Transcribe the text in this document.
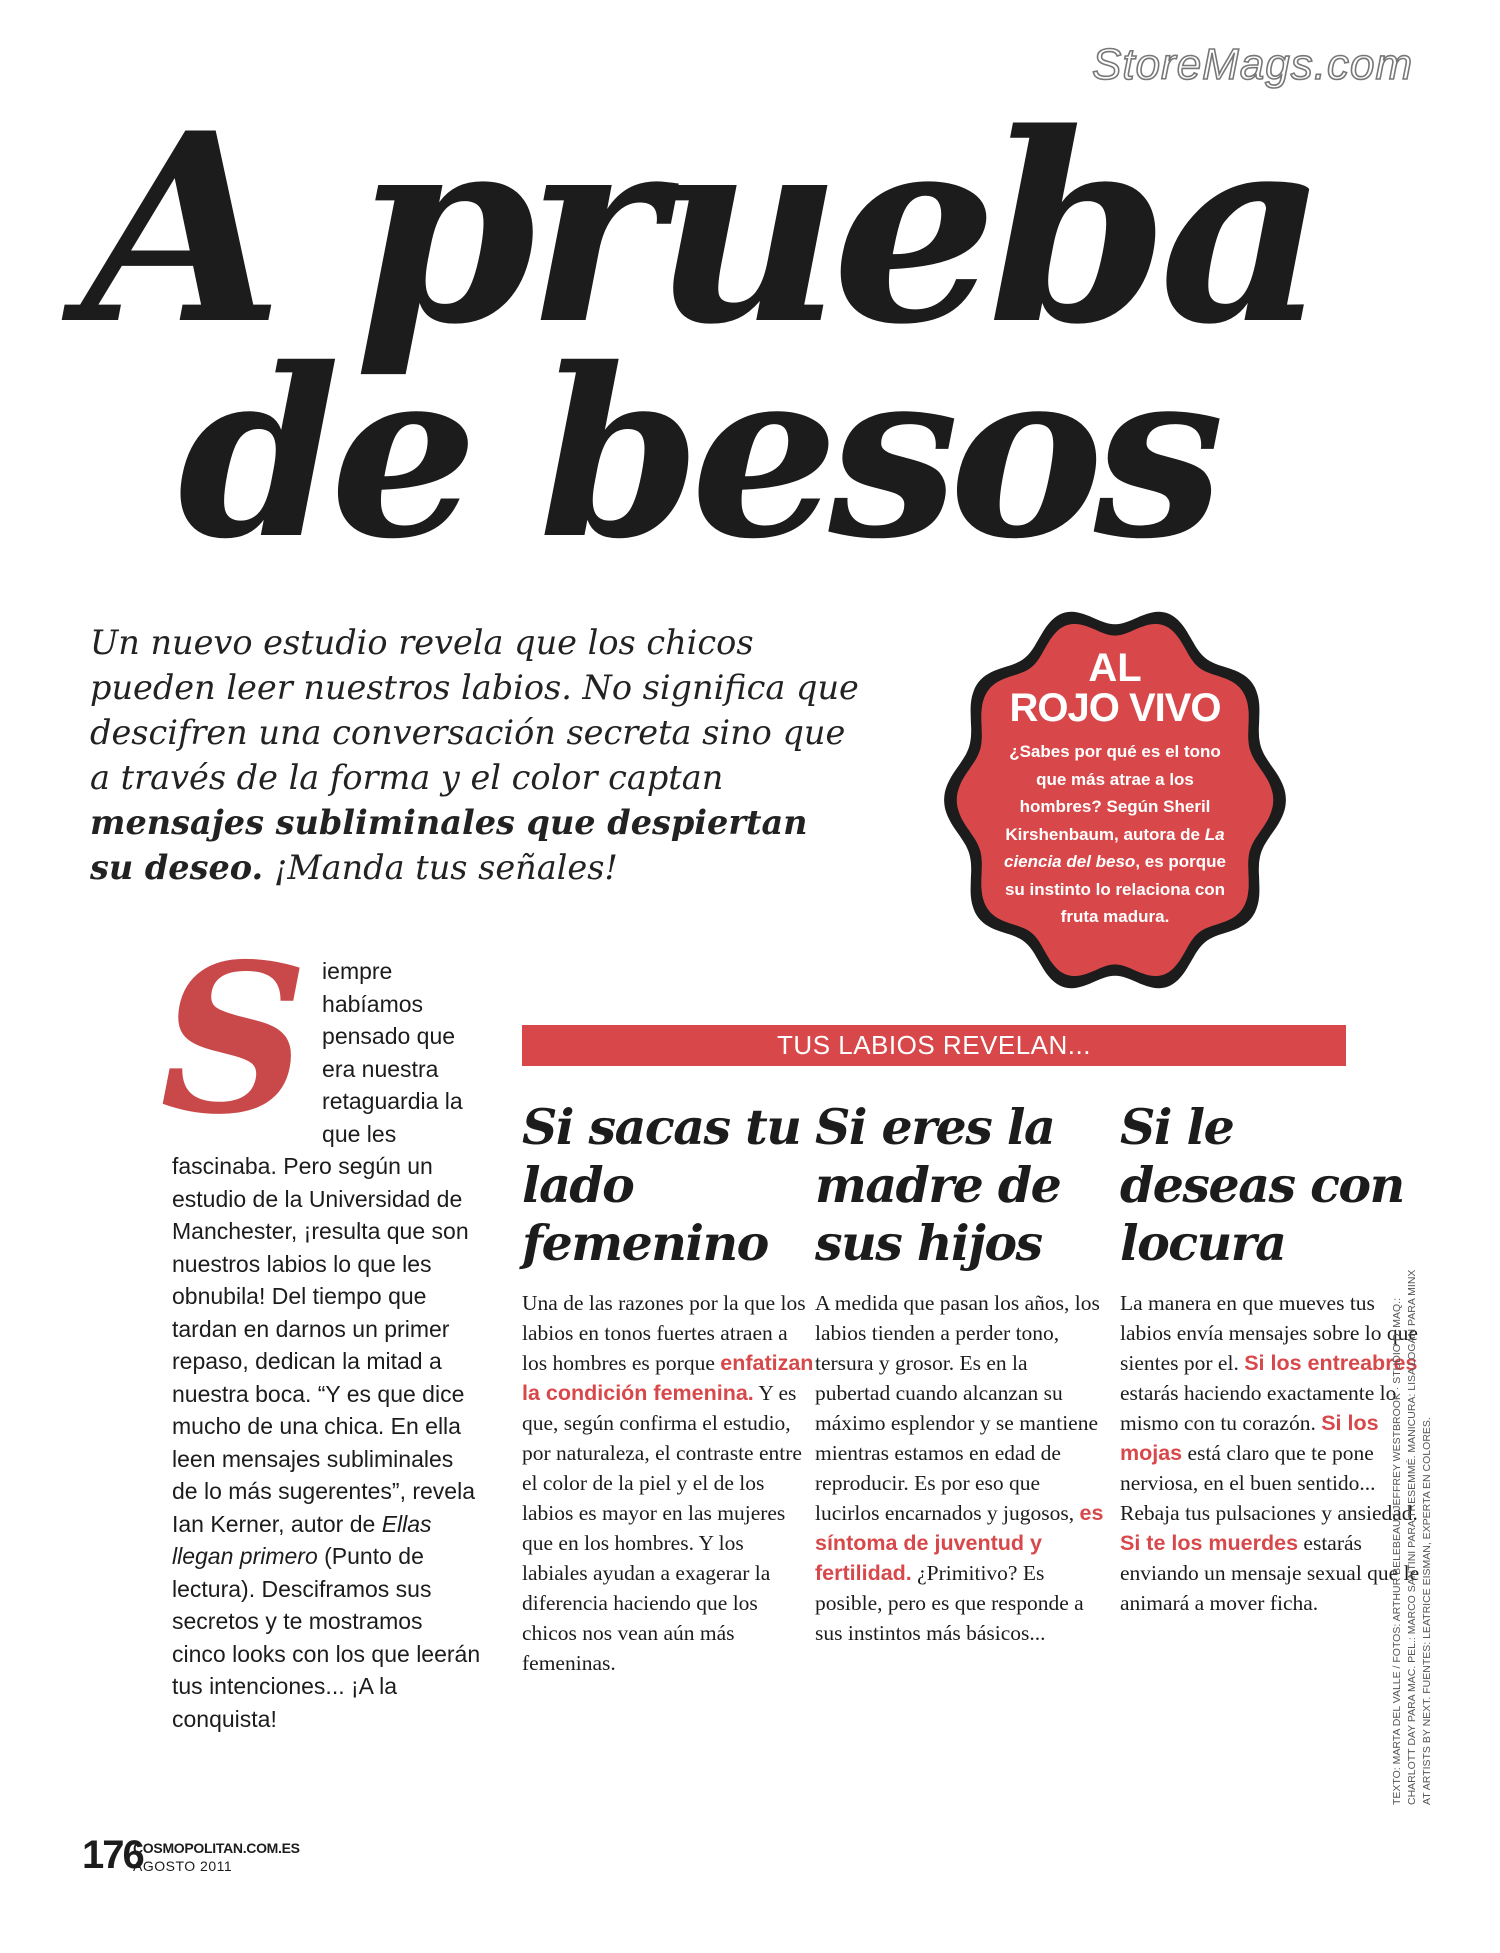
StoreMags.com
A prueba
de besos

Un nuevo estudio revela que los chicos pueden leer nuestros labios. No significa que descifren una conversación secreta sino que a través de la forma y el color captan mensajes subliminales que despiertan su deseo. ¡Manda tus señales!

AL
ROJO VIVO
¿Sabes por qué es el tono que más atrae a los hombres? Según Sheril Kirshenbaum, autora de La ciencia del beso, es porque su instinto lo relaciona con fruta madura.
S iempre habíamos pensado que era nuestra retaguardia la que les fascinaba. Pero según un estudio de la Universidad de Manchester, ¡resulta que son nuestros labios lo que les obnubila! Del tiempo que tardan en darnos un primer repaso, dedican la mitad a nuestra boca. “Y es que dice mucho de una chica. En ella leen mensajes subliminales de lo más sugerentes”, revela Ian Kerner, autor de Ellas llegan primero (Punto de lectura). Desciframos sus secretos y te mostramos cinco looks con los que leerán tus intenciones... ¡A la conquista!

TUS LABIOS REVELAN...
Si sacas tu lado femenino

Una de las razones por la que los labios en tonos fuertes atraen a los hombres es porque enfatizan la condición femenina. Y es que, según confirma el estudio, por naturaleza, el contraste entre el color de la piel y el de los labios es mayor en las mujeres que en los hombres. Y los labiales ayudan a exagerar la diferencia haciendo que los chicos nos vean aún más femeninas.

Si eres la madre de sus hijos

A medida que pasan los años, los labios tienden a perder tono, tersura y grosor. Es en la pubertad cuando alcanzan su máximo esplendor y se mantiene mientras estamos en edad de reproducir. Es por eso que lucirlos encarnados y jugosos, es síntoma de juventud y fertilidad. ¿Primitivo? Es posible, pero es que responde a sus instintos más básicos...

Si le deseas con locura

La manera en que mueves tus labios envía mensajes sobre lo que sientes por el. Si los entreabres estarás haciendo exactamente lo mismo con tu corazón. Si los mojas está claro que te pone nerviosa, en el buen sentido... Rebaja tus pulsaciones y ansiedad. Si te los muerdes estarás enviando un mensaje sexual que le animará a mover ficha.	TEXTO: MARTA DEL VALLE / FOTOS: ARTHUR BELEBEAU / JEFFREY WESTBROOK · STUDIO D. MAQ.: CHARLOTT DAY PARA MAC. PEL.: MARCO SANTINI PARA TRESEMMÉ. MANICURA: LISA LOGAN PARA MINX AT ARTISTS BY NEXT. FUENTES: LEATRICE EISMAN, EXPERTA EN COLORES.
176
COSMOPOLITAN.COM.ES
AGOSTO 2011
